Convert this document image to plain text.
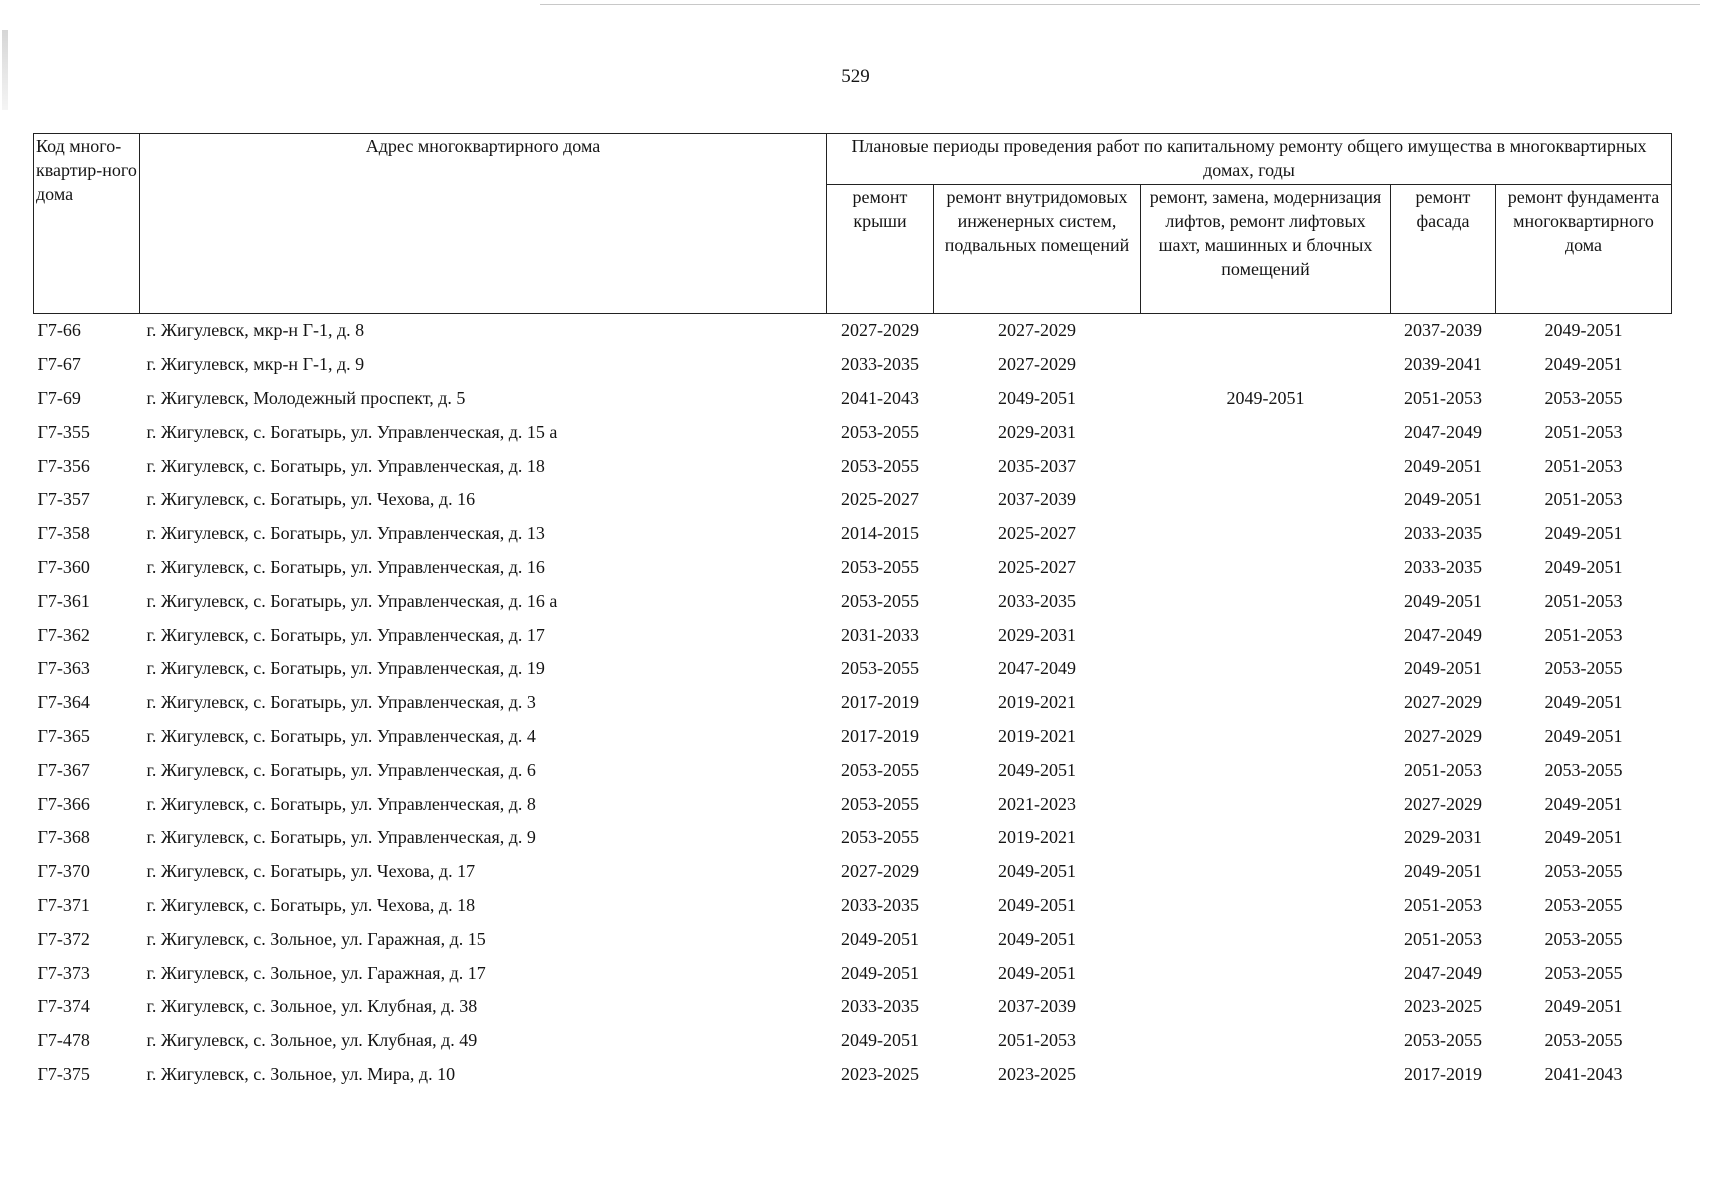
529
Код много-квартир-ного дома	Адрес многоквартирного дома	Плановые периоды проведения работ по капитальному ремонту общего имущества в многоквартирных домах, годы				
		ремонт крыши	ремонт внутридомовых инженерных систем, подвальных помещений	ремонт, замена, модернизация лифтов, ремонт лифтовых шахт, машинных и блочных помещений	ремонт фасада	ремонт фундамента многоквартирного дома
Г7-66	г. Жигулевск, мкр-н Г-1, д. 8	2027-2029	2027-2029		2037-2039	2049-2051
Г7-67	г. Жигулевск, мкр-н Г-1, д. 9	2033-2035	2027-2029		2039-2041	2049-2051
Г7-69	г. Жигулевск, Молодежный проспект, д. 5	2041-2043	2049-2051	2049-2051	2051-2053	2053-2055
Г7-355	г. Жигулевск, с. Богатырь, ул. Управленческая, д. 15 а	2053-2055	2029-2031		2047-2049	2051-2053
Г7-356	г. Жигулевск, с. Богатырь, ул. Управленческая, д. 18	2053-2055	2035-2037		2049-2051	2051-2053
Г7-357	г. Жигулевск, с. Богатырь, ул. Чехова, д. 16	2025-2027	2037-2039		2049-2051	2051-2053
Г7-358	г. Жигулевск, с. Богатырь, ул. Управленческая, д. 13	2014-2015	2025-2027		2033-2035	2049-2051
Г7-360	г. Жигулевск, с. Богатырь, ул. Управленческая, д. 16	2053-2055	2025-2027		2033-2035	2049-2051
Г7-361	г. Жигулевск, с. Богатырь, ул. Управленческая, д. 16 а	2053-2055	2033-2035		2049-2051	2051-2053
Г7-362	г. Жигулевск, с. Богатырь, ул. Управленческая, д. 17	2031-2033	2029-2031		2047-2049	2051-2053
Г7-363	г. Жигулевск, с. Богатырь, ул. Управленческая, д. 19	2053-2055	2047-2049		2049-2051	2053-2055
Г7-364	г. Жигулевск, с. Богатырь, ул. Управленческая, д. 3	2017-2019	2019-2021		2027-2029	2049-2051
Г7-365	г. Жигулевск, с. Богатырь, ул. Управленческая, д. 4	2017-2019	2019-2021		2027-2029	2049-2051
Г7-367	г. Жигулевск, с. Богатырь, ул. Управленческая, д. 6	2053-2055	2049-2051		2051-2053	2053-2055
Г7-366	г. Жигулевск, с. Богатырь, ул. Управленческая, д. 8	2053-2055	2021-2023		2027-2029	2049-2051
Г7-368	г. Жигулевск, с. Богатырь, ул. Управленческая, д. 9	2053-2055	2019-2021		2029-2031	2049-2051
Г7-370	г. Жигулевск, с. Богатырь, ул. Чехова, д. 17	2027-2029	2049-2051		2049-2051	2053-2055
Г7-371	г. Жигулевск, с. Богатырь, ул. Чехова, д. 18	2033-2035	2049-2051		2051-2053	2053-2055
Г7-372	г. Жигулевск, с. Зольное, ул. Гаражная, д. 15	2049-2051	2049-2051		2051-2053	2053-2055
Г7-373	г. Жигулевск, с. Зольное, ул. Гаражная, д. 17	2049-2051	2049-2051		2047-2049	2053-2055
Г7-374	г. Жигулевск, с. Зольное, ул. Клубная, д. 38	2033-2035	2037-2039		2023-2025	2049-2051
Г7-478	г. Жигулевск, с. Зольное, ул. Клубная, д. 49	2049-2051	2051-2053		2053-2055	2053-2055
Г7-375	г. Жигулевск, с. Зольное, ул. Мира, д. 10	2023-2025	2023-2025		2017-2019	2041-2043
